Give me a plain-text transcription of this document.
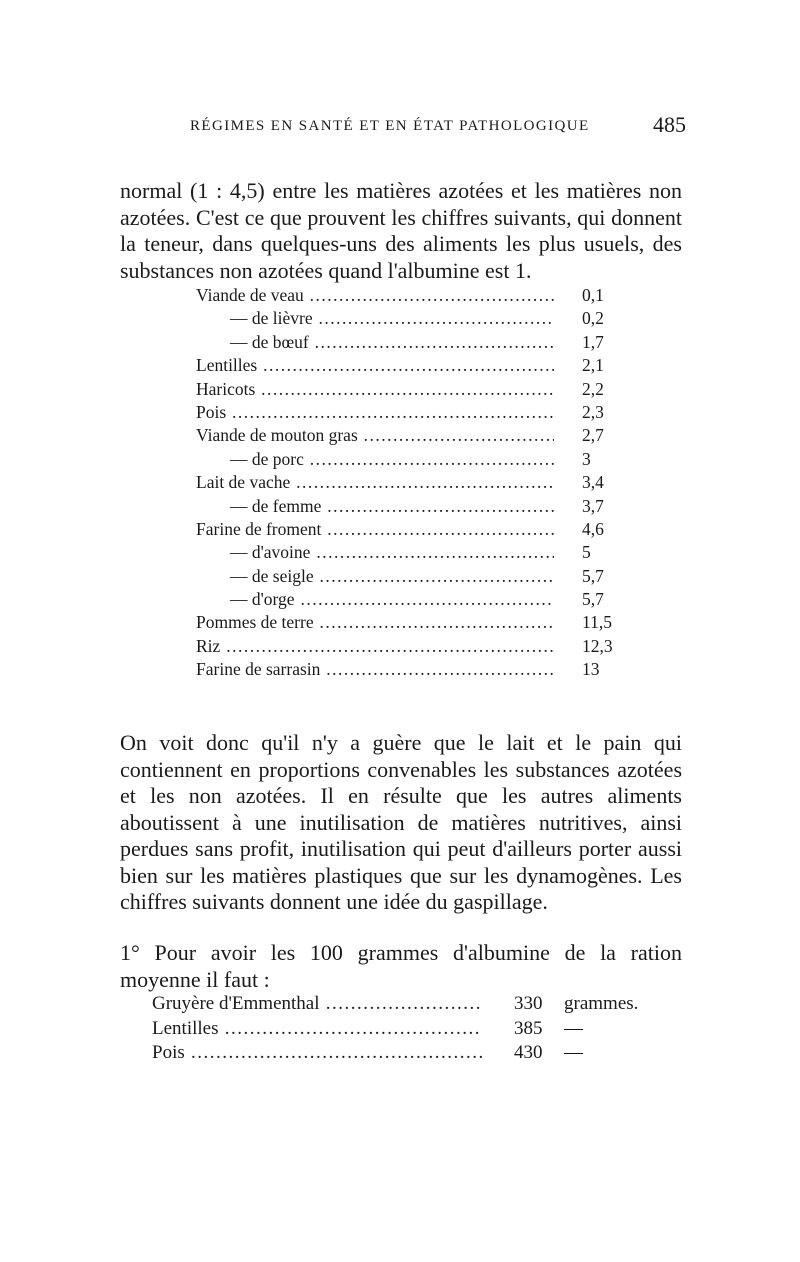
RÉGIMES EN SANTÉ ET EN ÉTAT PATHOLOGIQUE	485

normal (1 : 4,5) entre les matières azotées et les matières non azotées. C'est ce que prouvent les chiffres suivants, qui donnent la teneur, dans quelques-uns des aliments les plus usuels, des substances non azotées quand l'albumine est 1.

Viande de veau .....	0,1
— de lièvre .....	0,2
— de bœuf .....	1,7
Lentilles .....	2,1
Haricots .....	2,2
Pois .....	2,3
Viande de mouton gras .....	2,7
— de porc .....	3
Lait de vache .....	3,4
— de femme .....	3,7
Farine de froment .....	4,6
— d'avoine .....	5
— de seigle .....	5,7
— d'orge .....	5,7
Pommes de terre .....	11,5
Riz .....	12,3
Farine de sarrasin .....	13

On voit donc qu'il n'y a guère que le lait et le pain qui contiennent en proportions convenables les substances azotées et les non azotées. Il en résulte que les autres aliments aboutissent à une inutilisation de matières nutritives, ainsi perdues sans profit, inutilisation qui peut d'ailleurs porter aussi bien sur les matières plastiques que sur les dynamogènes. Les chiffres suivants donnent une idée du gaspillage.

1° Pour avoir les 100 grammes d'albumine de la ration moyenne il faut :

Gruyère d'Emmenthal .....	330 grammes.
Lentilles .....	385 —
Pois .....	430 —
